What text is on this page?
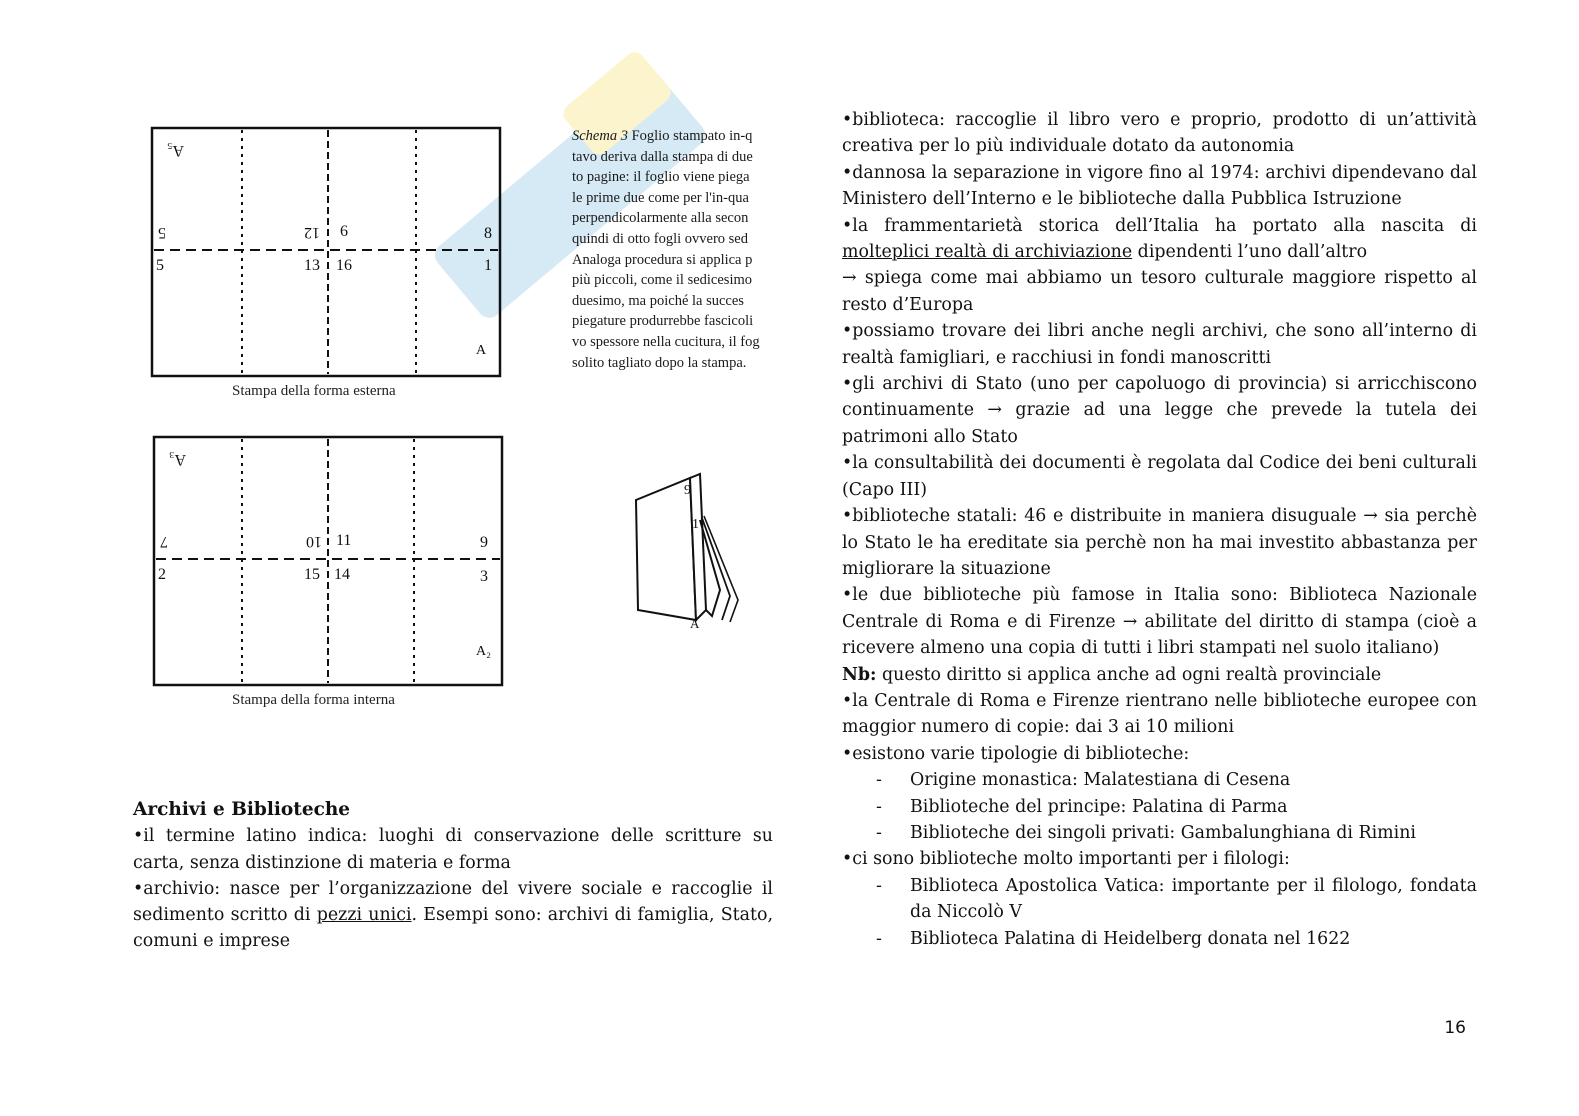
A₅
5	12 6	8
5	13 16	1
A
Stampa della forma esterna
Schema 3 Foglio stampato in-q
tavo deriva dalla stampa di due
to pagine: il foglio viene piega
le prime due come per l'in-qua
perpendicolarmente alla secon
quindi di otto fogli ovvero sed
Analoga procedura si applica p
più piccoli, come il sedicesimo
duesimo, ma poiché la succes
piegature produrrebbe fascicoli
vo spessore nella cucitura, il fog
solito tagliato dopo la stampa.
A₃
7	10 11	9
2	15 14	3
A₂
Stampa della forma interna
9
1
A
Archivi e Biblioteche

•il termine latino indica: luoghi di conservazione delle scritture su carta, senza distinzione di materia e forma

•archivio: nasce per l’organizzazione del vivere sociale e raccoglie il sedimento scritto di pezzi unici. Esempi sono: archivi di famiglia, Stato, comuni e imprese

•biblioteca: raccoglie il libro vero e proprio, prodotto di un’attività creativa per lo più individuale dotato da autonomia

•dannosa la separazione in vigore fino al 1974: archivi dipendevano dal Ministero dell’Interno e le biblioteche dalla Pubblica Istruzione

•la frammentarietà storica dell’Italia ha portato alla nascita di molteplici realtà di archiviazione dipendenti l’uno dall’altro

→ spiega come mai abbiamo un tesoro culturale maggiore rispetto al resto d’Europa

•possiamo trovare dei libri anche negli archivi, che sono all’interno di realtà famigliari, e racchiusi in fondi manoscritti

•gli archivi di Stato (uno per capoluogo di provincia) si arricchiscono continuamente → grazie ad una legge che prevede la tutela dei patrimoni allo Stato

•la consultabilità dei documenti è regolata dal Codice dei beni culturali (Capo III)

•biblioteche statali: 46 e distribuite in maniera disuguale → sia perchè lo Stato le ha ereditate sia perchè non ha mai investito abbastanza per migliorare la situazione

•le due biblioteche più famose in Italia sono: Biblioteca Nazionale Centrale di Roma e di Firenze → abilitate del diritto di stampa (cioè a ricevere almeno una copia di tutti i libri stampati nel suolo italiano)

Nb: questo diritto si applica anche ad ogni realtà provinciale

•la Centrale di Roma e Firenze rientrano nelle biblioteche europee con maggior numero di copie: dai 3 ai 10 milioni

•esistono varie tipologie di biblioteche:

- Origine monastica: Malatestiana di Cesena
- Biblioteche del principe: Palatina di Parma
- Biblioteche dei singoli privati: Gambalunghiana di Rimini

•ci sono biblioteche molto importanti per i filologi:

- Biblioteca Apostolica Vatica: importante per il filologo, fondata da Niccolò V
- Biblioteca Palatina di Heidelberg donata nel 1622
16
